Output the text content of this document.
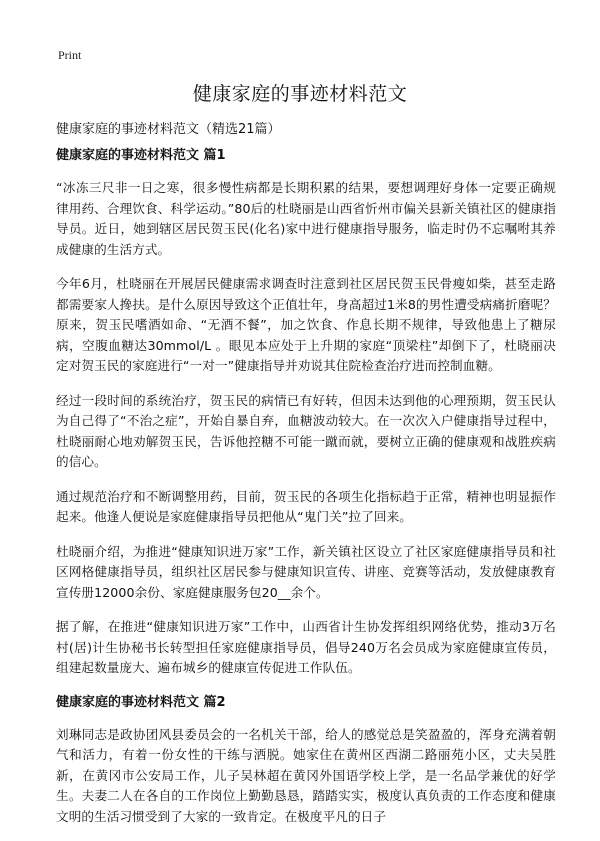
Print
健康家庭的事迹材料范文

健康家庭的事迹材料范文（精选21篇）

健康家庭的事迹材料范文 篇1

“冰冻三尺非一日之寒，很多慢性病都是长期积累的结果，要想调理好身体一定要正确规律用药、合理饮食、科学运动。”80后的杜晓丽是山西省忻州市偏关县新关镇社区的健康指导员。近日，她到辖区居民贺玉民(化名)家中进行健康指导服务，临走时仍不忘嘱咐其养成健康的生活方式。

今年6月，杜晓丽在开展居民健康需求调查时注意到社区居民贺玉民骨瘦如柴，甚至走路都需要家人搀扶。是什么原因导致这个正值壮年，身高超过1米8的男性遭受病痛折磨呢？原来，贺玉民嗜酒如命、“无酒不餐”，加之饮食、作息长期不规律，导致他患上了糖尿病，空腹血糖达30mmol/L 。眼见本应处于上升期的家庭“顶梁柱”却倒下了，杜晓丽决定对贺玉民的家庭进行“一对一”健康指导并劝说其住院检查治疗进而控制血糖。

经过一段时间的系统治疗，贺玉民的病情已有好转，但因未达到他的心理预期，贺玉民认为自己得了“不治之症”，开始自暴自弃，血糖波动较大。在一次次入户健康指导过程中，杜晓丽耐心地劝解贺玉民，告诉他控糖不可能一蹴而就，要树立正确的健康观和战胜疾病的信心。

通过规范治疗和不断调整用药，目前，贺玉民的各项生化指标趋于正常，精神也明显振作起来。他逢人便说是家庭健康指导员把他从“鬼门关”拉了回来。

杜晓丽介绍，为推进“健康知识进万家”工作，新关镇社区设立了社区家庭健康指导员和社区网格健康指导员，组织社区居民参与健康知识宣传、讲座、竞赛等活动，发放健康教育宣传册12000余份、家庭健康服务包20__余个。

据了解，在推进“健康知识进万家”工作中，山西省计生协发挥组织网络优势，推动3万名村(居)计生协秘书长转型担任家庭健康指导员，倡导240万名会员成为家庭健康宣传员，组建起数量庞大、遍布城乡的健康宣传促进工作队伍。

健康家庭的事迹材料范文 篇2

刘琳同志是政协团风县委员会的一名机关干部，给人的感觉总是笑盈盈的，浑身充满着朝气和活力，有着一份女性的干练与洒脱。她家住在黄州区西湖二路丽苑小区，丈夫吴胜新，在黄冈市公安局工作，儿子吴林超在黄冈外国语学校上学，是一名品学兼优的好学生。夫妻二人在各自的工作岗位上勤勤恳恳，踏踏实实，极度认真负责的工作态度和健康文明的生活习惯受到了大家的一致肯定。在极度平凡的日子
